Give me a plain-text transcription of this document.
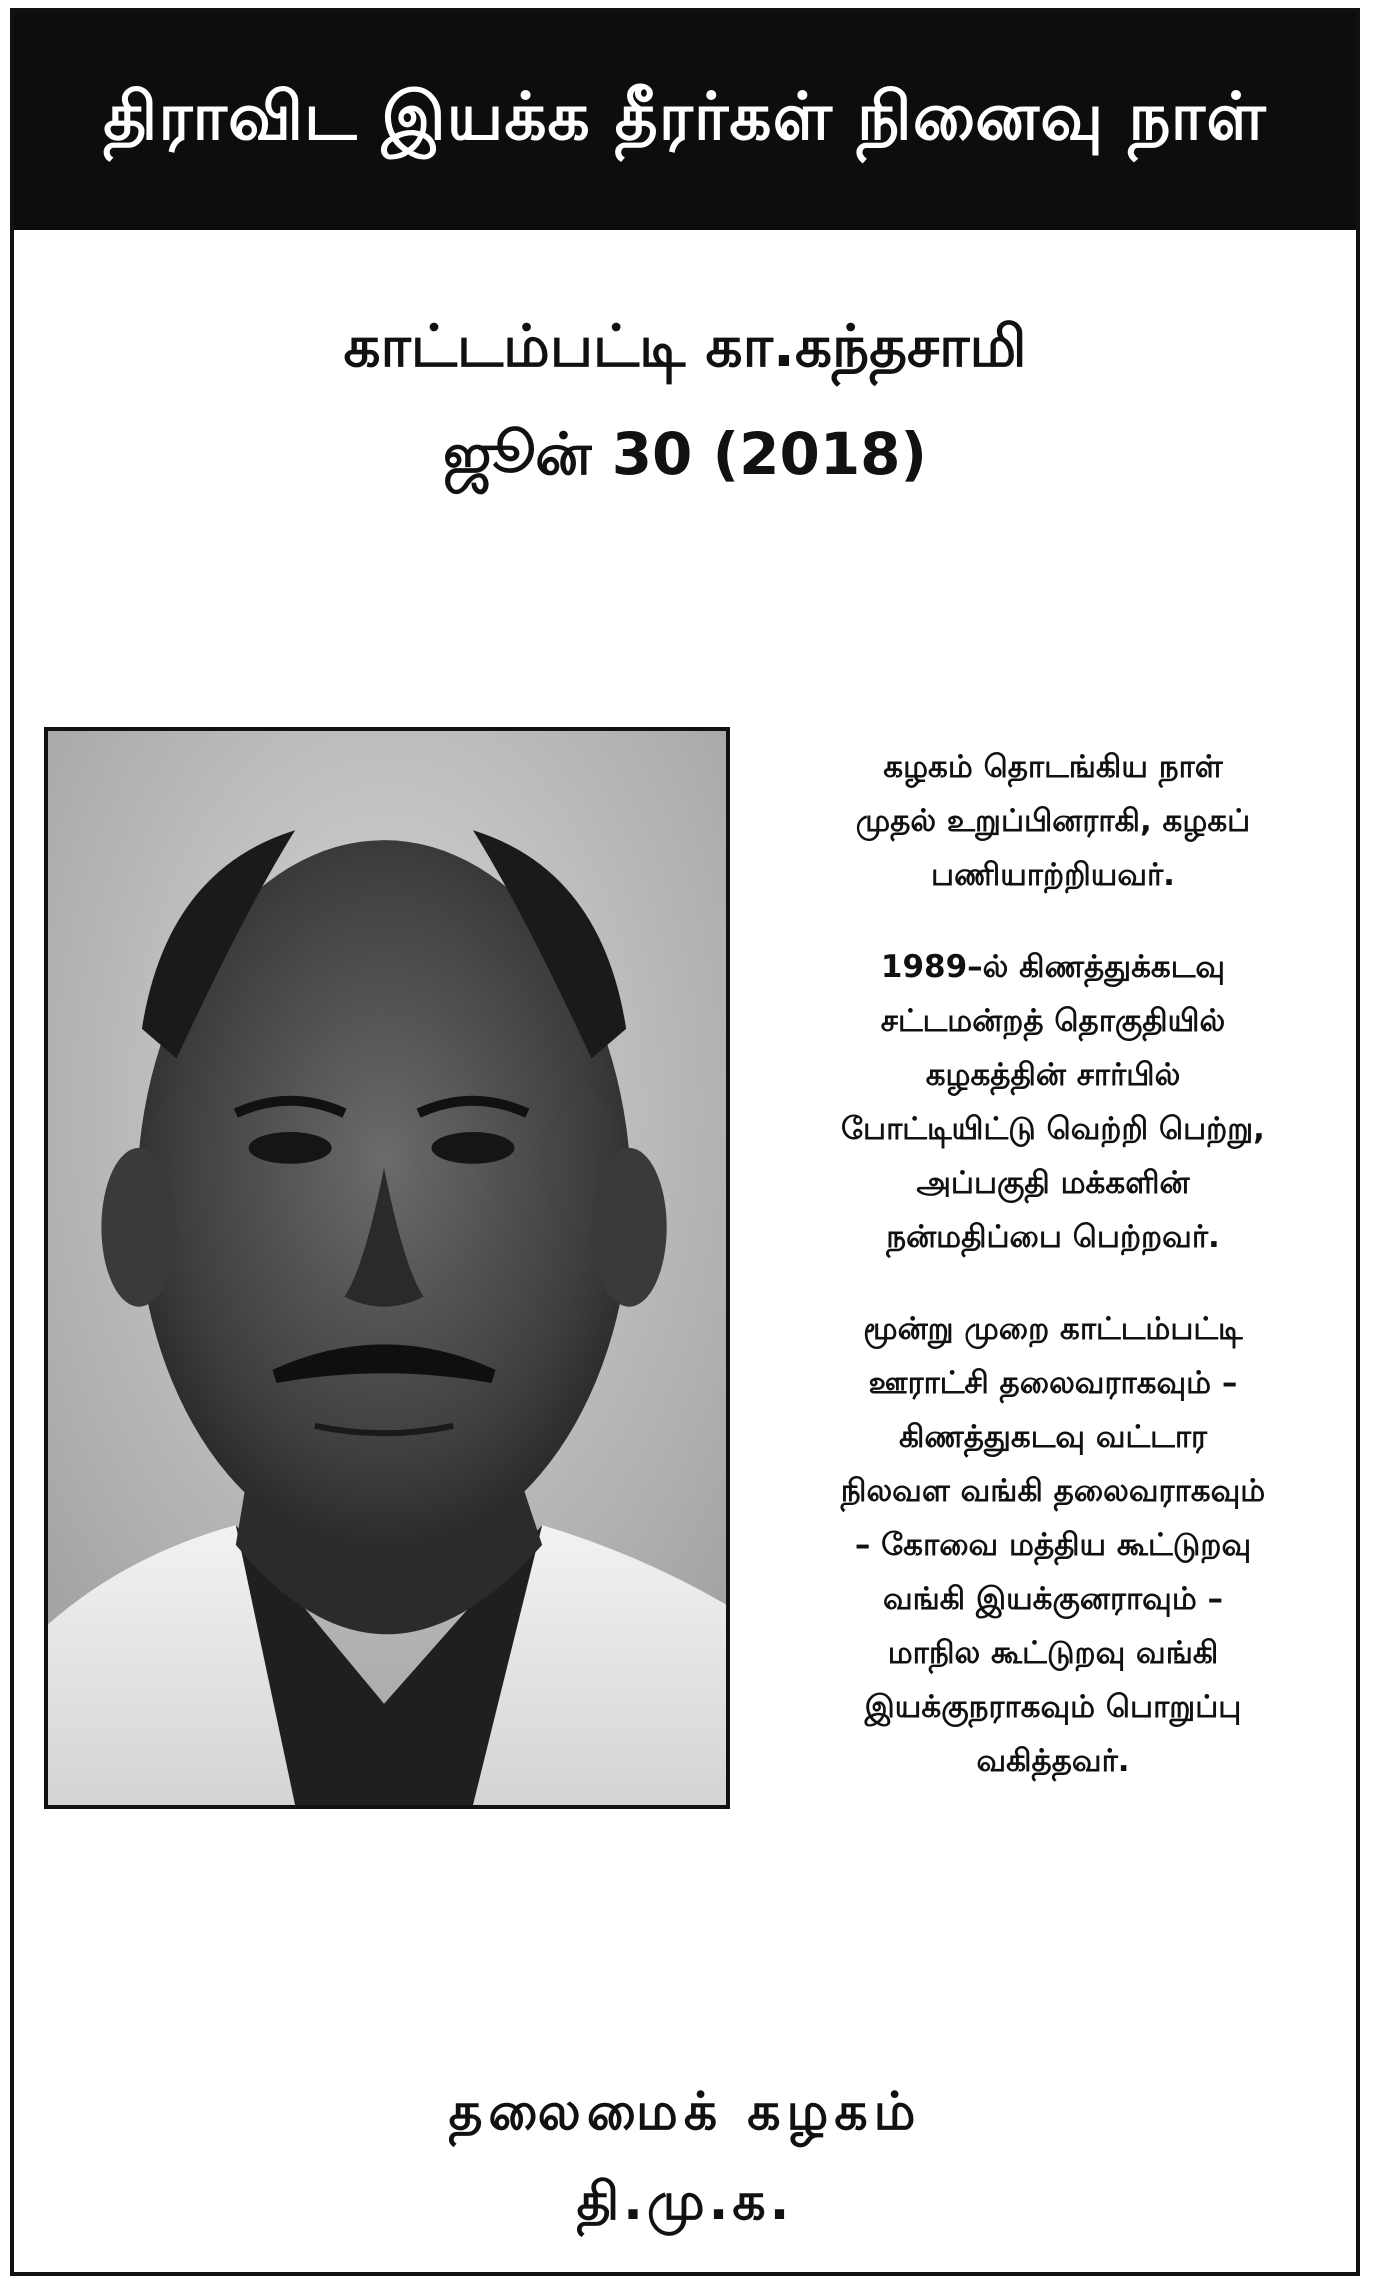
திராவிட இயக்க தீரர்கள் நினைவு நாள்
காட்டம்பட்டி கா.கந்தசாமி
ஜூன் 30 (2018)

கழகம் தொடங்கிய நாள்
முதல் உறுப்பினராகி, கழகப்
பணியாற்றியவர்.

1989–ல் கிணத்துக்கடவு
சட்டமன்றத் தொகுதியில்
கழகத்தின் சார்பில்
போட்டியிட்டு வெற்றி பெற்று,
அப்பகுதி மக்களின்
நன்மதிப்பை பெற்றவர்.

மூன்று முறை காட்டம்பட்டி
ஊராட்சி தலைவராகவும் –
கிணத்துகடவு வட்டார
நிலவள வங்கி தலைவராகவும்
– கோவை மத்திய கூட்டுறவு
வங்கி இயக்குனராவும் –
மாநில கூட்டுறவு வங்கி
இயக்குநராகவும் பொறுப்பு
வகித்தவர்.

தலைமைக் கழகம்
தி.மு.க.
